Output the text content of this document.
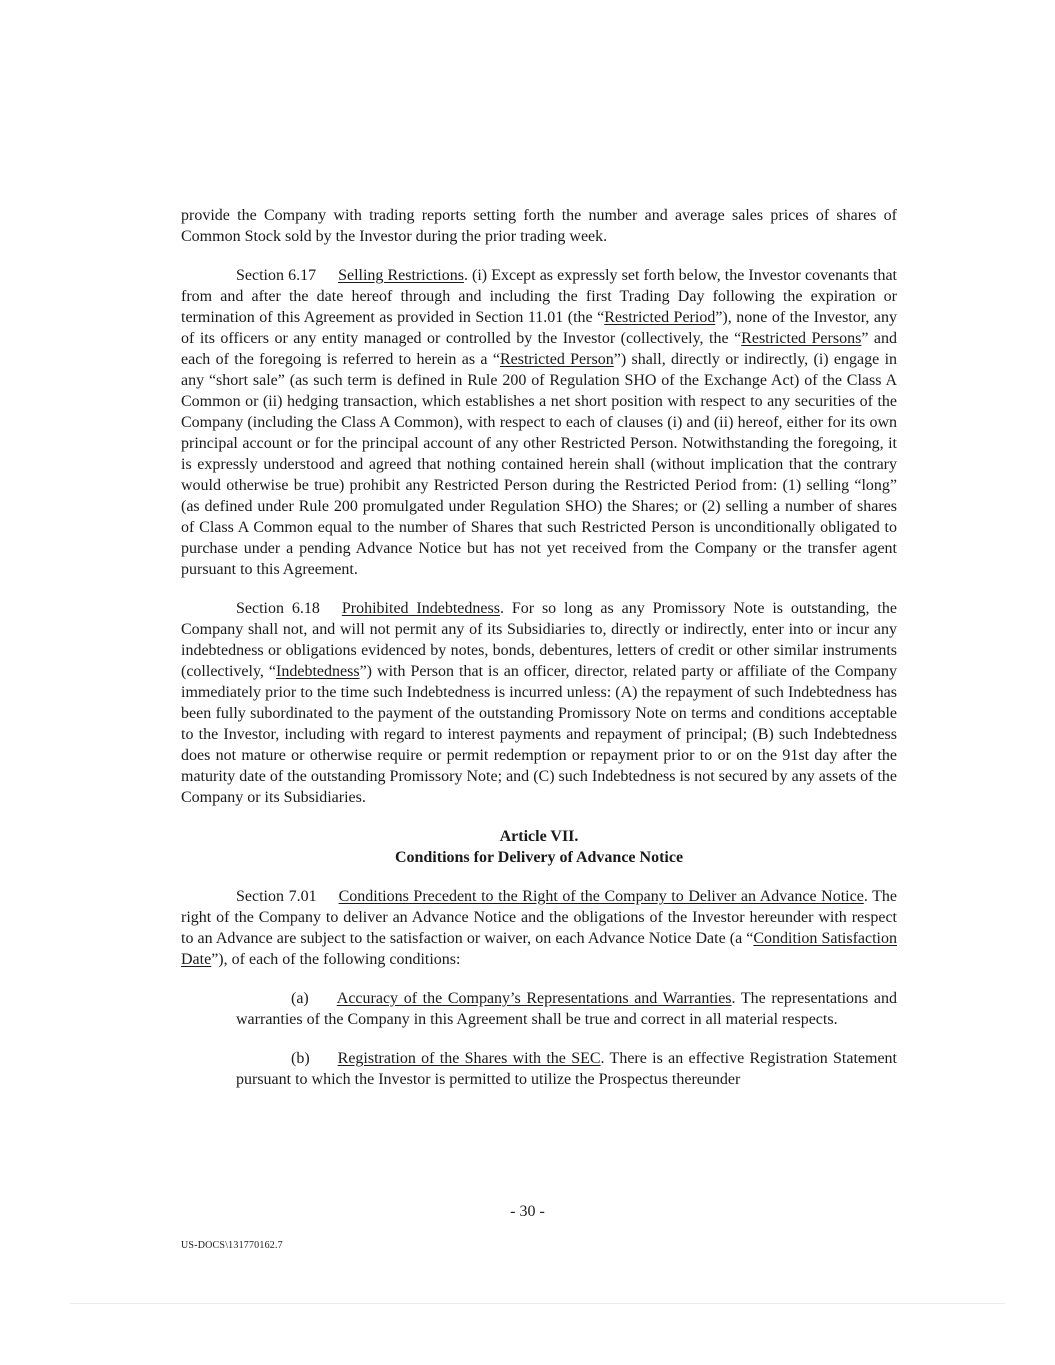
provide the Company with trading reports setting forth the number and average sales prices of shares of Common Stock sold by the Investor during the prior trading week.

Section 6.17 Selling Restrictions. (i) Except as expressly set forth below, the Investor covenants that from and after the date hereof through and including the first Trading Day following the expiration or termination of this Agreement as provided in Section 11.01 (the “Restricted Period”), none of the Investor, any of its officers or any entity managed or controlled by the Investor (collectively, the “Restricted Persons” and each of the foregoing is referred to herein as a “Restricted Person”) shall, directly or indirectly, (i) engage in any “short sale” (as such term is defined in Rule 200 of Regulation SHO of the Exchange Act) of the Class A Common or (ii) hedging transaction, which establishes a net short position with respect to any securities of the Company (including the Class A Common), with respect to each of clauses (i) and (ii) hereof, either for its own principal account or for the principal account of any other Restricted Person. Notwithstanding the foregoing, it is expressly understood and agreed that nothing contained herein shall (without implication that the contrary would otherwise be true) prohibit any Restricted Person during the Restricted Period from: (1) selling “long” (as defined under Rule 200 promulgated under Regulation SHO) the Shares; or (2) selling a number of shares of Class A Common equal to the number of Shares that such Restricted Person is unconditionally obligated to purchase under a pending Advance Notice but has not yet received from the Company or the transfer agent pursuant to this Agreement.

Section 6.18 Prohibited Indebtedness. For so long as any Promissory Note is outstanding, the Company shall not, and will not permit any of its Subsidiaries to, directly or indirectly, enter into or incur any indebtedness or obligations evidenced by notes, bonds, debentures, letters of credit or other similar instruments (collectively, “Indebtedness”) with Person that is an officer, director, related party or affiliate of the Company immediately prior to the time such Indebtedness is incurred unless: (A) the repayment of such Indebtedness has been fully subordinated to the payment of the outstanding Promissory Note on terms and conditions acceptable to the Investor, including with regard to interest payments and repayment of principal; (B) such Indebtedness does not mature or otherwise require or permit redemption or repayment prior to or on the 91st day after the maturity date of the outstanding Promissory Note; and (C) such Indebtedness is not secured by any assets of the Company or its Subsidiaries.

Article VII.
Conditions for Delivery of Advance Notice

Section 7.01 Conditions Precedent to the Right of the Company to Deliver an Advance Notice. The right of the Company to deliver an Advance Notice and the obligations of the Investor hereunder with respect to an Advance are subject to the satisfaction or waiver, on each Advance Notice Date (a “Condition Satisfaction Date”), of each of the following conditions:

(a) Accuracy of the Company’s Representations and Warranties. The representations and warranties of the Company in this Agreement shall be true and correct in all material respects.

(b) Registration of the Shares with the SEC. There is an effective Registration Statement pursuant to which the Investor is permitted to utilize the Prospectus thereunder

- 30 -
US-DOCS\131770162.7
